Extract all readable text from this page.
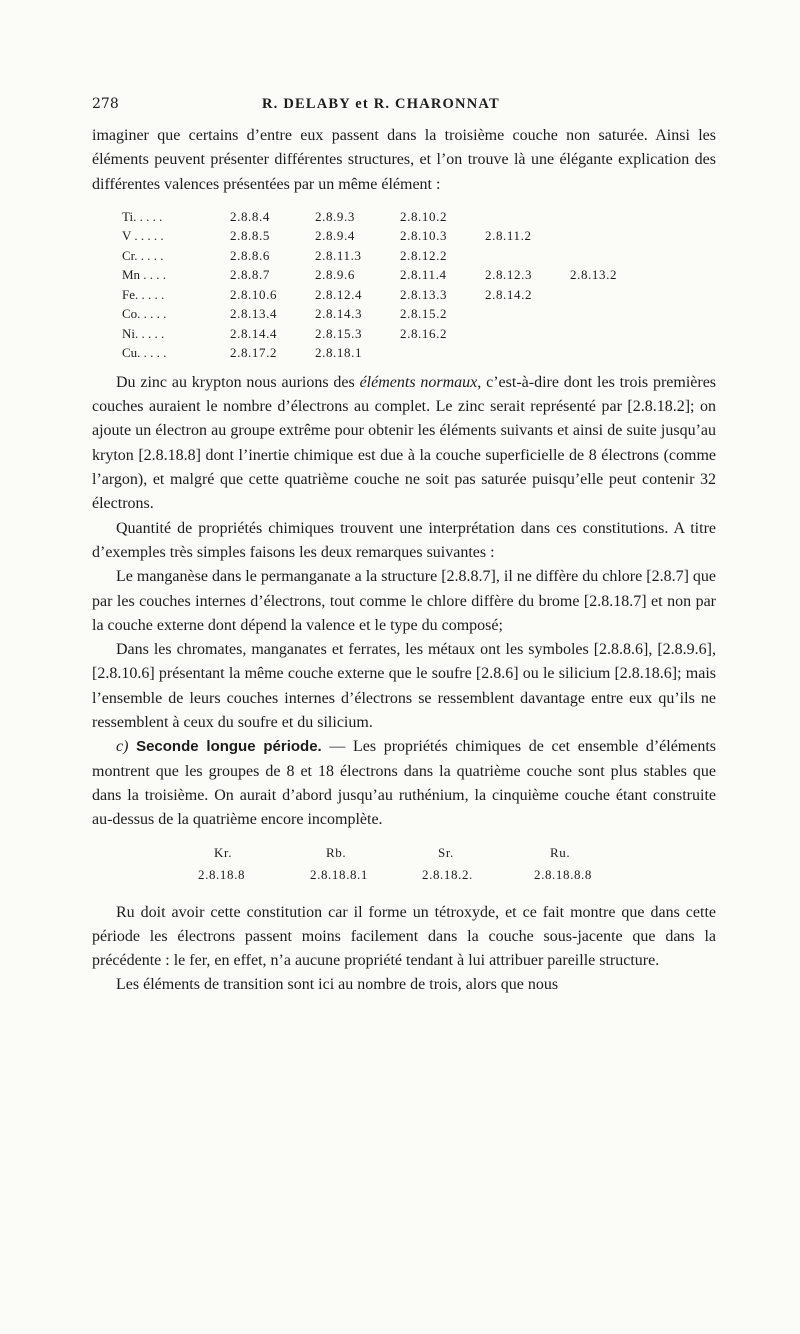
278	R. DELABY et R. CHARONNAT

imaginer que certains d’entre eux passent dans la troisième couche non saturée. Ainsi les éléments peuvent présenter différentes structures, et l’on trouve là une élégante explication des différentes valences présentées par un même élément :

Ti. . . . .	2.8.8.4	2.8.9.3	2.8.10.2
V . . . . .	2.8.8.5	2.8.9.4	2.8.10.3	2.8.11.2
Cr. . . . .	2.8.8.6	2.8.11.3	2.8.12.2
Mn . . . .	2.8.8.7	2.8.9.6	2.8.11.4	2.8.12.3	2.8.13.2
Fe. . . . .	2.8.10.6	2.8.12.4	2.8.13.3	2.8.14.2
Co. . . . .	2.8.13.4	2.8.14.3	2.8.15.2
Ni. . . . .	2.8.14.4	2.8.15.3	2.8.16.2
Cu. . . . .	2.8.17.2	2.8.18.1

Du zinc au krypton nous aurions des éléments normaux, c’est-à-dire dont les trois premières couches auraient le nombre d’électrons au complet. Le zinc serait représenté par [2.8.18.2]; on ajoute un électron au groupe extrême pour obtenir les éléments suivants et ainsi de suite jusqu’au kryton [2.8.18.8] dont l’inertie chimique est due à la couche superficielle de 8 électrons (comme l’argon), et malgré que cette quatrième couche ne soit pas saturée puisqu’elle peut contenir 32 électrons.

Quantité de propriétés chimiques trouvent une interprétation dans ces constitutions. A titre d’exemples très simples faisons les deux remarques suivantes :

Le manganèse dans le permanganate a la structure [2.8.8.7], il ne diffère du chlore [2.8.7] que par les couches internes d’électrons, tout comme le chlore diffère du brome [2.8.18.7] et non par la couche externe dont dépend la valence et le type du composé;

Dans les chromates, manganates et ferrates, les métaux ont les symboles [2.8.8.6], [2.8.9.6], [2.8.10.6] présentant la même couche externe que le soufre [2.8.6] ou le silicium [2.8.18.6]; mais l’ensemble de leurs couches internes d’électrons se ressemblent davantage entre eux qu’ils ne ressemblent à ceux du soufre et du silicium.

c) Seconde longue période. — Les propriétés chimiques de cet ensemble d’éléments montrent que les groupes de 8 et 18 électrons dans la quatrième couche sont plus stables que dans la troisième. On aurait d’abord jusqu’au ruthénium, la cinquième couche étant construite au-dessus de la quatrième encore incomplète.

Kr.	Rb.	Sr.	Ru.
2.8.18.8	2.8.18.8.1	2.8.18.2.	2.8.18.8.8

Ru doit avoir cette constitution car il forme un tétroxyde, et ce fait montre que dans cette période les électrons passent moins facilement dans la couche sous-jacente que dans la précédente : le fer, en effet, n’a aucune propriété tendant à lui attribuer pareille structure.

Les éléments de transition sont ici au nombre de trois, alors que nous
